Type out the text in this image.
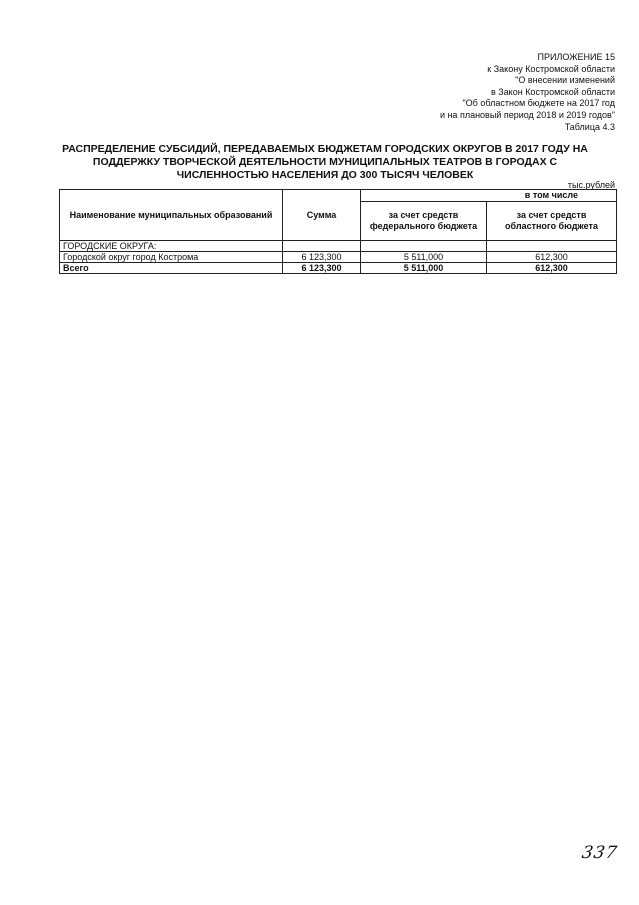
ПРИЛОЖЕНИЕ 15
к Закону Костромской области
"О внесении изменений
в Закон Костромской области
"Об областном бюджете на 2017 год
и на плановый период 2018 и 2019 годов"
Таблица 4.3
РАСПРЕДЕЛЕНИЕ СУБСИДИЙ, ПЕРЕДАВАЕМЫХ БЮДЖЕТАМ ГОРОДСКИХ ОКРУГОВ В 2017 ГОДУ НА
ПОДДЕРЖКУ ТВОРЧЕСКОЙ ДЕЯТЕЛЬНОСТИ МУНИЦИПАЛЬНЫХ ТЕАТРОВ В ГОРОДАХ С
ЧИСЛЕННОСТЬЮ НАСЕЛЕНИЯ ДО 300 ТЫСЯЧ ЧЕЛОВЕК
тыс.рублей
Наименование муниципальных образований	Сумма	в том числе	
		за счет средств федерального бюджета	за счет средств областного бюджета
ГОРОДСКИЕ ОКРУГА:			
Городской округ город Кострома	6 123,300	5 511,000	612,300
Всего	6 123,300	5 511,000	612,300
337
